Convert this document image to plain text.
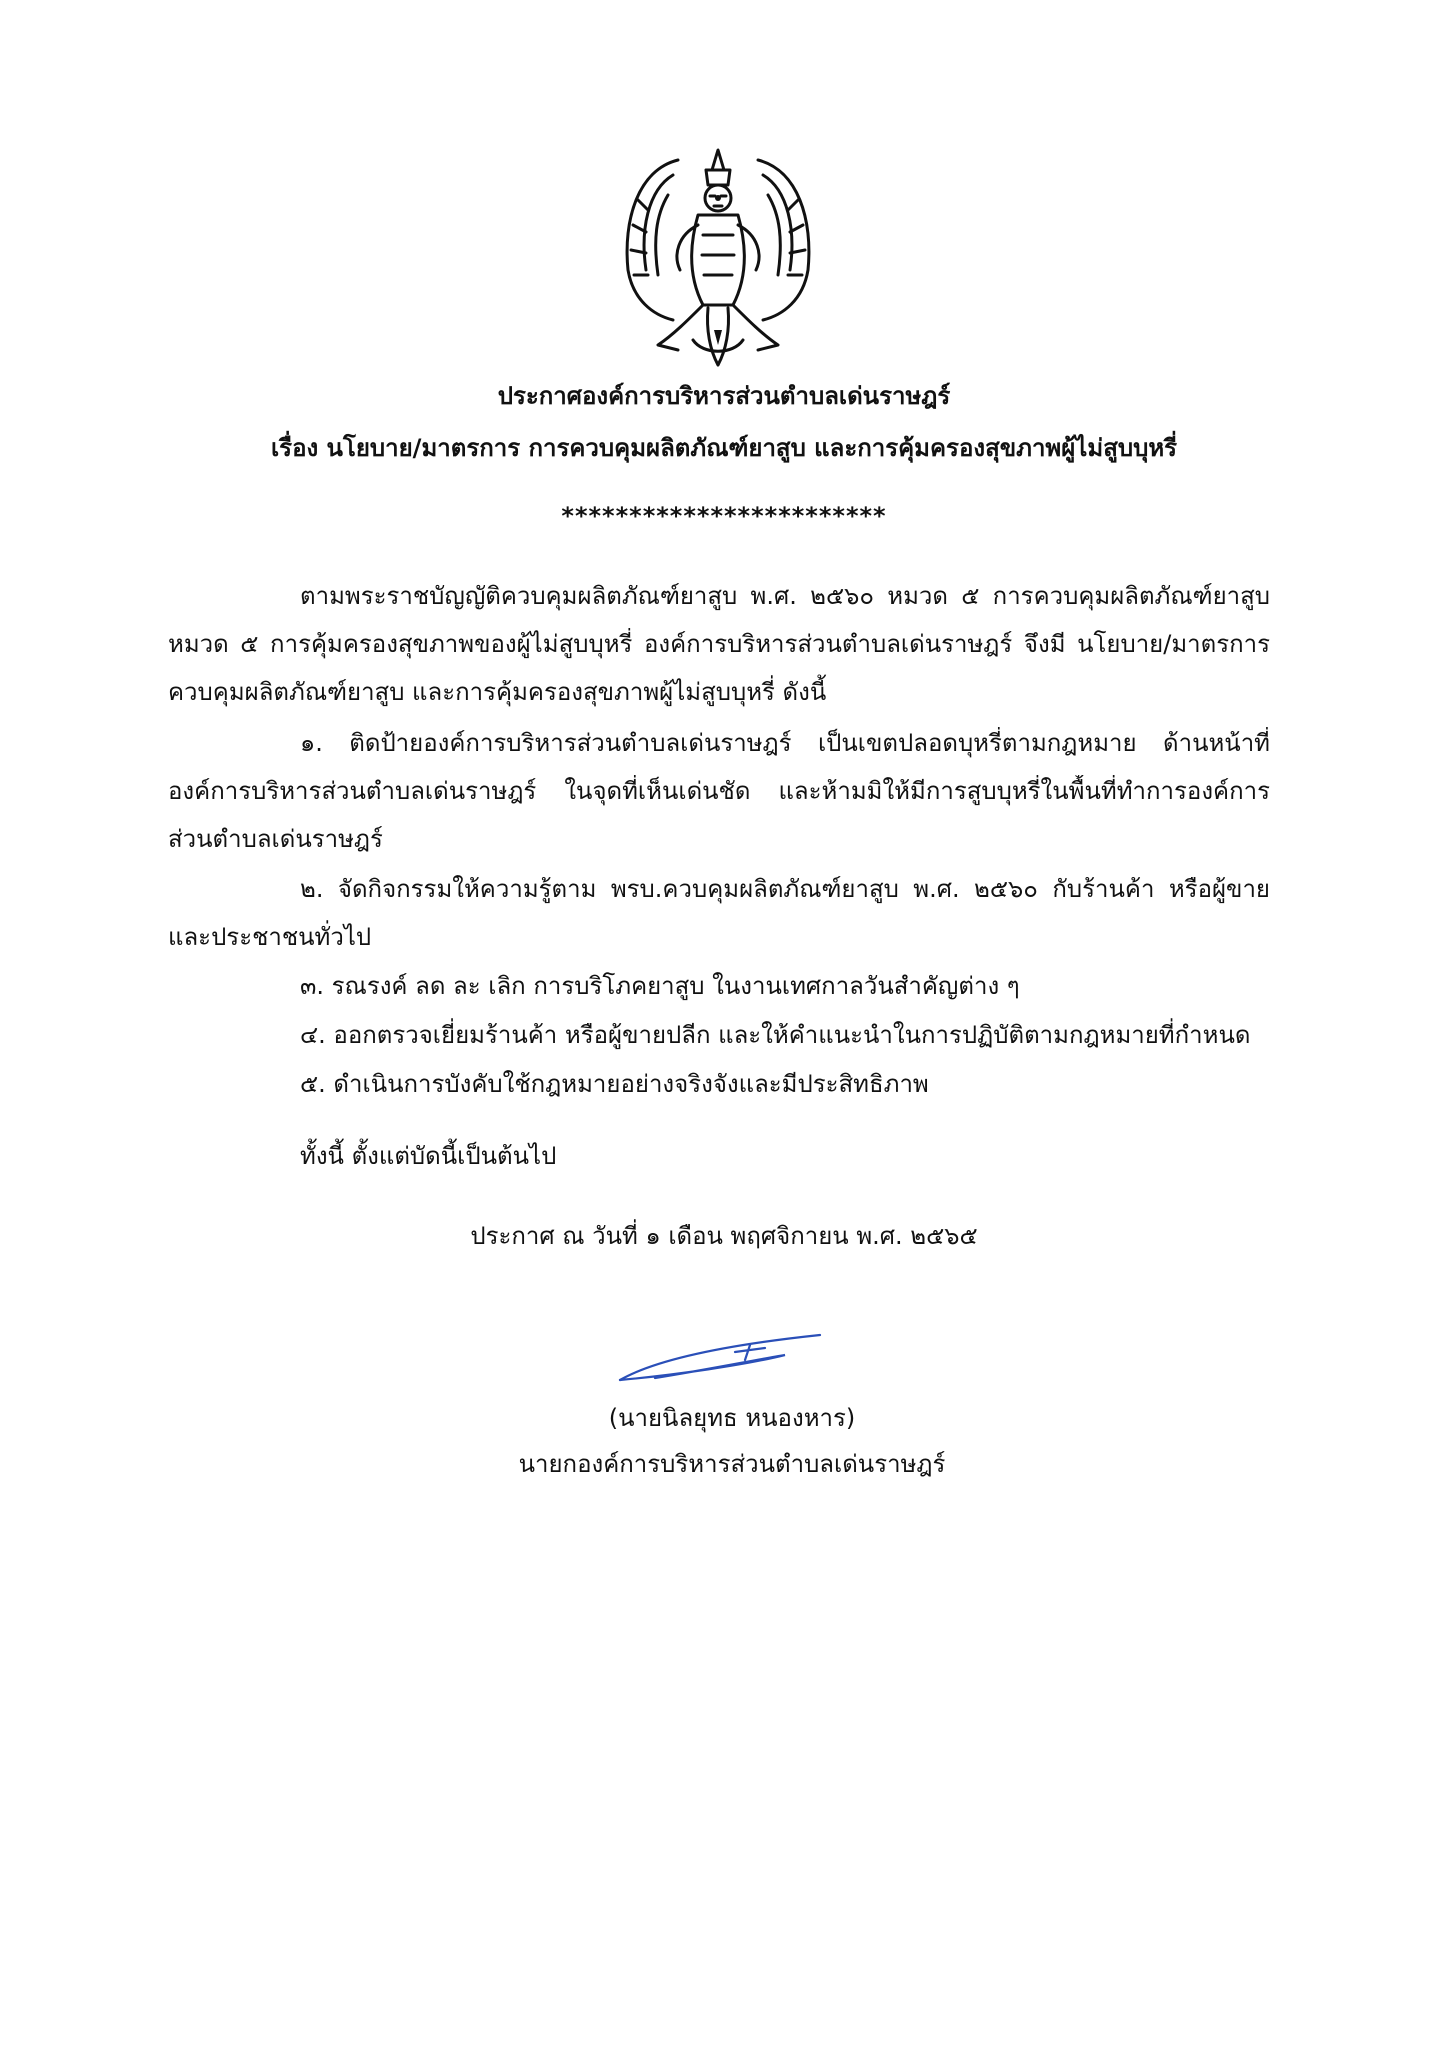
ประกาศองค์การบริหารส่วนตำบลเด่นราษฎร์
เรื่อง นโยบาย/มาตรการ การควบคุมผลิตภัณฑ์ยาสูบ และการคุ้มครองสุขภาพผู้ไม่สูบบุหรี่
************************
ตามพระราชบัญญัติควบคุมผลิตภัณฑ์ยาสูบ พ.ศ. ๒๕๖๐ หมวด ๕ การควบคุมผลิตภัณฑ์ยาสูบ
หมวด ๕ การคุ้มครองสุขภาพของผู้ไม่สูบบุหรี่ องค์การบริหารส่วนตำบลเด่นราษฎร์ จึงมี นโยบาย/มาตรการ
ควบคุมผลิตภัณฑ์ยาสูบ และการคุ้มครองสุขภาพผู้ไม่สูบบุหรี่ ดังนี้
๑. ติดป้ายองค์การบริหารส่วนตำบลเด่นราษฎร์ เป็นเขตปลอดบุหรี่ตามกฎหมาย ด้านหน้าที่
องค์การบริหารส่วนตำบลเด่นราษฎร์ ในจุดที่เห็นเด่นชัด และห้ามมิให้มีการสูบบุหรี่ในพื้นที่ทำการองค์การ
ส่วนตำบลเด่นราษฎร์
๒. จัดกิจกรรมให้ความรู้ตาม พรบ.ควบคุมผลิตภัณฑ์ยาสูบ พ.ศ. ๒๕๖๐ กับร้านค้า หรือผู้ขาย
และประชาชนทั่วไป
๓. รณรงค์ ลด ละ เลิก การบริโภคยาสูบ ในงานเทศกาลวันสำคัญต่าง ๆ
๔. ออกตรวจเยี่ยมร้านค้า หรือผู้ขายปลีก และให้คำแนะนำในการปฏิบัติตามกฎหมายที่กำหนด
๕. ดำเนินการบังคับใช้กฎหมายอย่างจริงจังและมีประสิทธิภาพ
ทั้งนี้ ตั้งแต่บัดนี้เป็นต้นไป
ประกาศ ณ วันที่ ๑ เดือน พฤศจิกายน พ.ศ. ๒๕๖๕
(นายนิลยุทธ หนองหาร)
นายกองค์การบริหารส่วนตำบลเด่นราษฎร์
